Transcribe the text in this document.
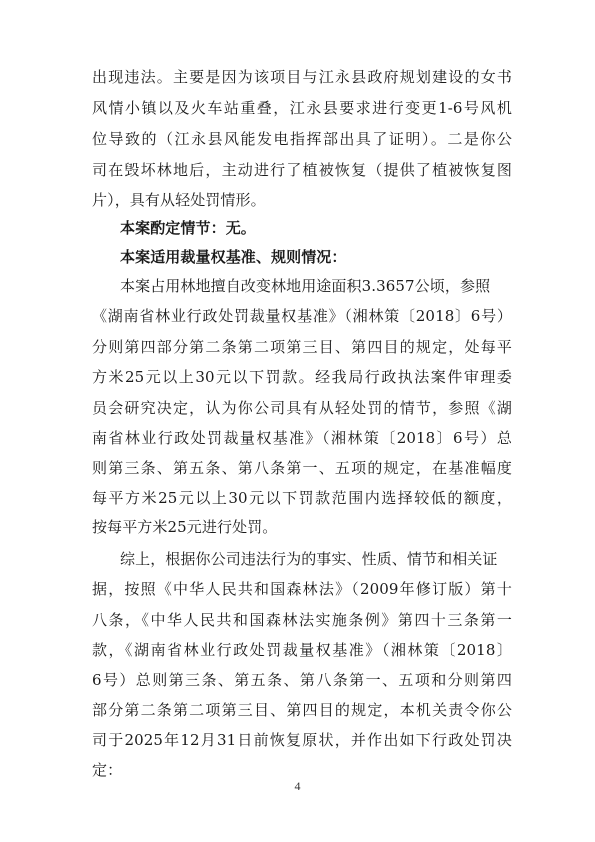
出现违法。主要是因为该项目与江永县政府规划建设的女书
风情小镇以及火车站重叠，江永县要求进行变更1-6号风机
位导致的（江永县风能发电指挥部出具了证明）。二是你公
司在毁坏林地后，主动进行了植被恢复（提供了植被恢复图
片），具有从轻处罚情形。
本案酌定情节：无。
本案适用裁量权基准、规则情况：
本案占用林地擅自改变林地用途面积3.3657公顷，参照
《湖南省林业行政处罚裁量权基准》（湘林策〔2018〕6号）
分则第四部分第二条第二项第三目、第四目的规定，处每平
方米25元以上30元以下罚款。经我局行政执法案件审理委
员会研究决定，认为你公司具有从轻处罚的情节，参照《湖
南省林业行政处罚裁量权基准》（湘林策〔2018〕6号）总
则第三条、第五条、第八条第一、五项的规定，在基准幅度
每平方米25元以上30元以下罚款范围内选择较低的额度，
按每平方米25元进行处罚。
综上，根据你公司违法行为的事实、性质、情节和相关证
据，按照《中华人民共和国森林法》（2009年修订版）第十
八条，《中华人民共和国森林法实施条例》第四十三条第一
款，《湖南省林业行政处罚裁量权基准》（湘林策〔2018〕
6号）总则第三条、第五条、第八条第一、五项和分则第四
部分第二条第二项第三目、第四目的规定，本机关责令你公
司于2025年12月31日前恢复原状，并作出如下行政处罚决
定：
4
